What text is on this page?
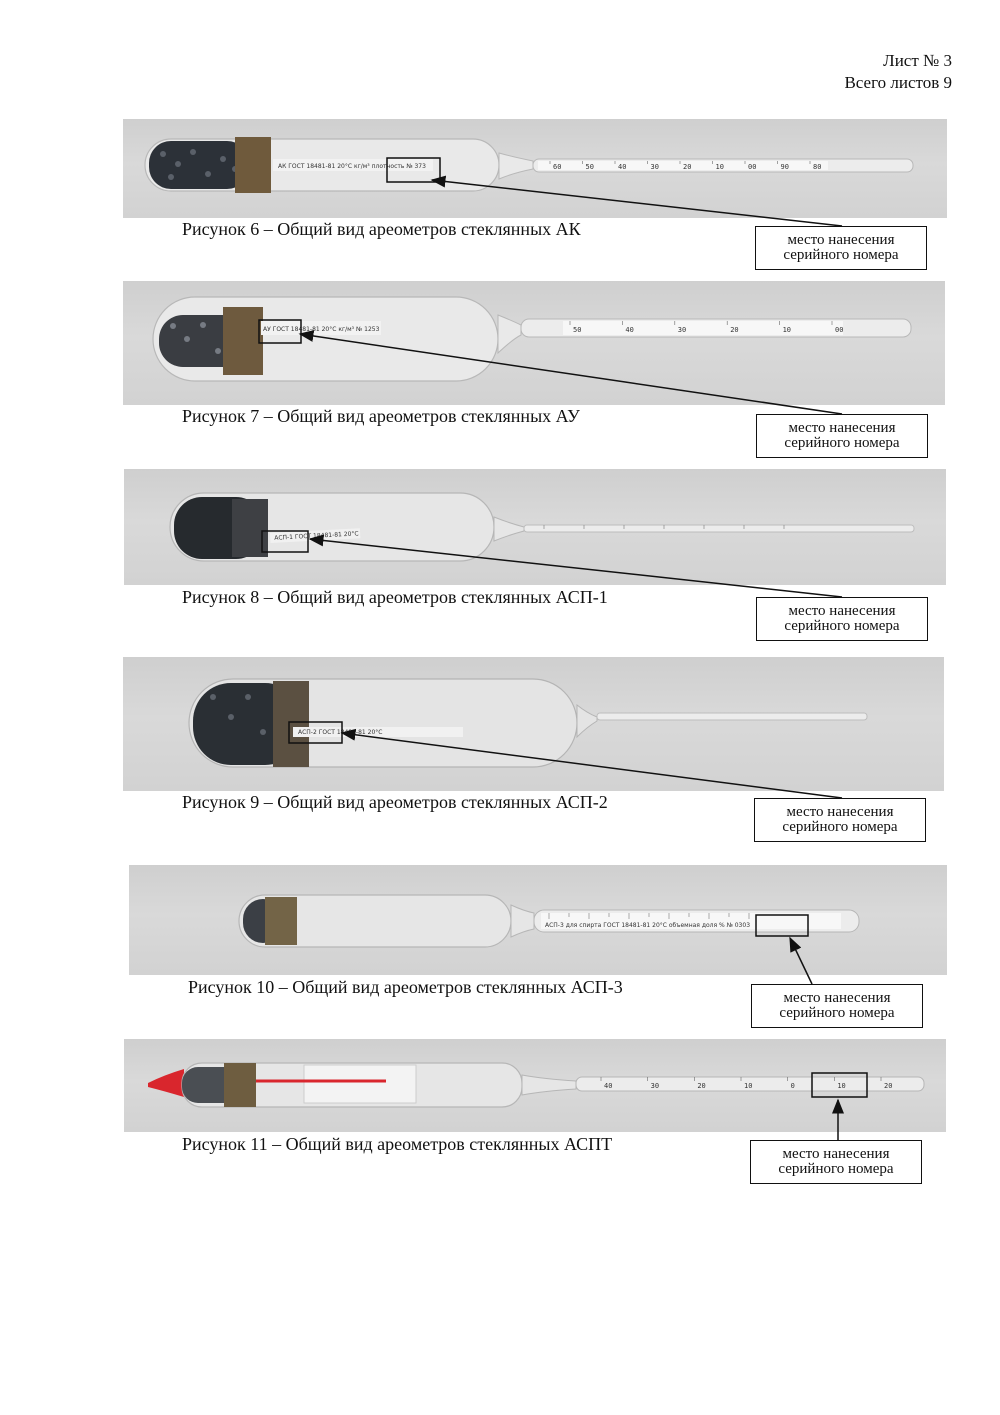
Лист № 3
Всего листов 9
АК ГОСТ 18481-81 20°С кг/м³ плотность № 373	60	50	40	30	20	10	00	90	80
Рисунок 6 – Общий вид ареометров стеклянных АК
место нанесения
серийного номера
АУ ГОСТ 18481-81 20°С кг/м³ № 1253	50	40	30	20	10	00
Рисунок 7 – Общий вид ареометров стеклянных АУ
место нанесения
серийного номера
АСП-1 ГОСТ 18481-81 20°С
Рисунок 8 – Общий вид ареометров стеклянных АСП-1
место нанесения
серийного номера
АСП-2 ГОСТ 18481-81 20°С
Рисунок 9 – Общий вид ареометров стеклянных АСП-2	место нанесения
серийного номера
АСП-3 для спирта ГОСТ 18481-81 20°С объемная доля % № 0303
Рисунок 10 – Общий вид ареометров стеклянных АСП-3
место нанесения
серийного номера
40	30	20	10	0	10	20
Рисунок 11 – Общий вид ареометров стеклянных АСПТ	место нанесения
серийного номера
